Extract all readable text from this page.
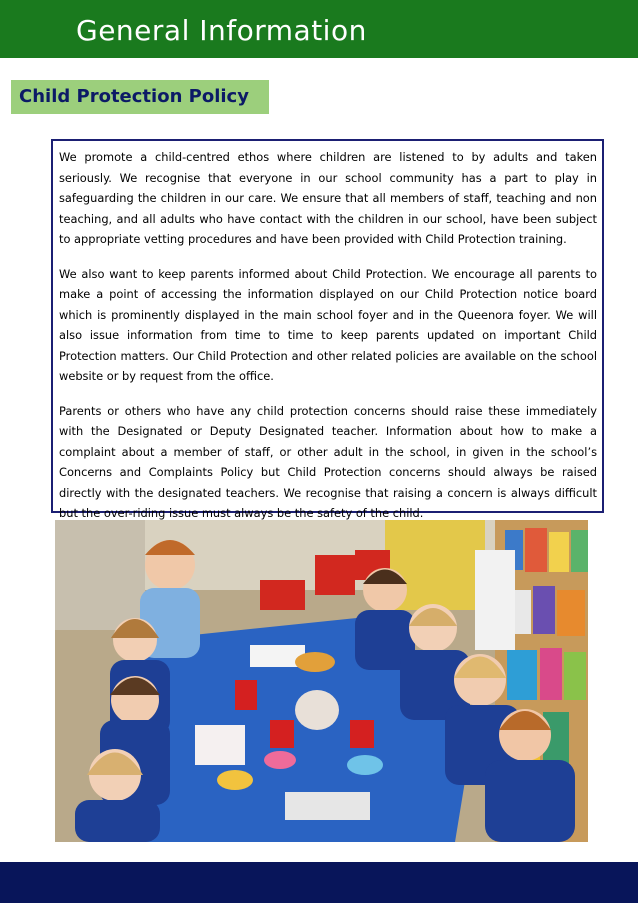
General Information
Child Protection Policy

We promote a child-centred ethos where children are listened to by adults and taken seriously. We recognise that everyone in our school community has a part to play in safeguarding the children in our care. We ensure that all members of staff, teaching and non teaching, and all adults who have contact with the children in our school, have been subject to appropriate vetting procedures and have been provided with Child Protection training.

We also want to keep parents informed about Child Protection. We encourage all parents to make a point of accessing the information displayed on our Child Protection notice board which is prominently displayed in the main school foyer and in the Queenora foyer. We will also issue information from time to time to keep parents updated on important Child Protection matters. Our Child Protection and other related policies are available on the school website or by request from the office.

Parents or others who have any child protection concerns should raise these immediately with the Designated or Deputy Designated teacher. Information about how to make a complaint about a member of staff, or other adult in the school, in given in the school’s Concerns and Complaints Policy but Child Protection concerns should always be raised directly with the designated teachers. We recognise that raising a concern is always difficult but the over-riding issue must always be the safety of the child.
